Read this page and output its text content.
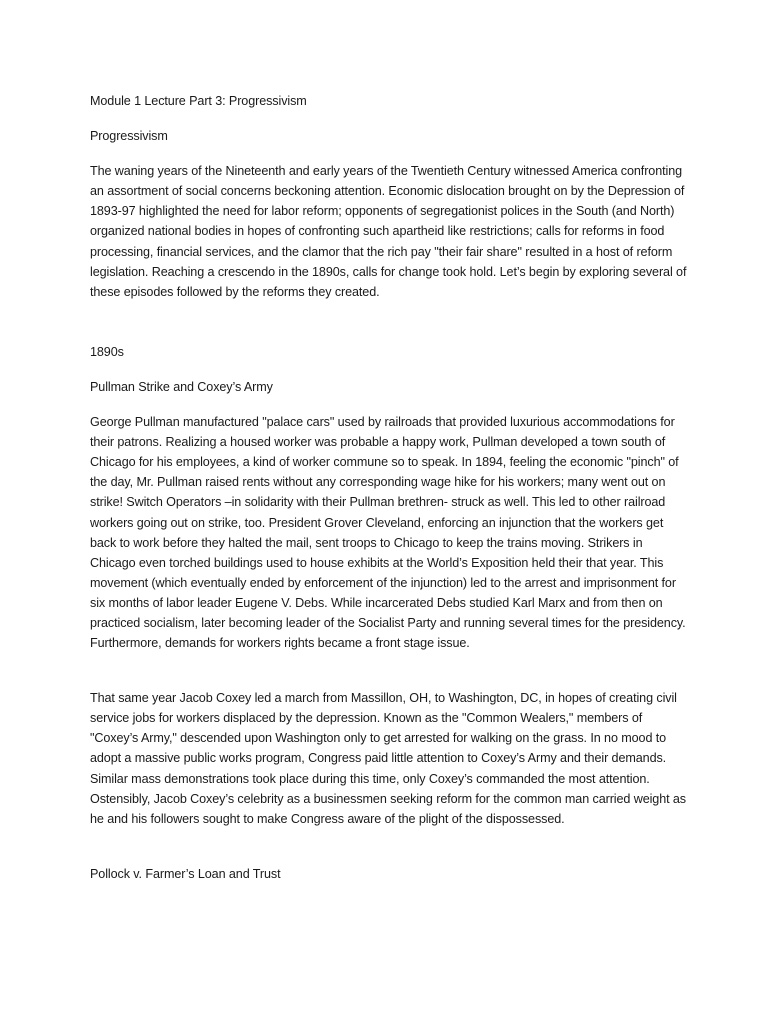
Module 1 Lecture Part 3: Progressivism

Progressivism

The waning years of the Nineteenth and early years of the Twentieth Century witnessed America confronting an assortment of social concerns beckoning attention. Economic dislocation brought on by the Depression of 1893-97 highlighted the need for labor reform; opponents of segregationist polices in the South (and North) organized national bodies in hopes of confronting such apartheid like restrictions; calls for reforms in food processing, financial services, and the clamor that the rich pay "their fair share" resulted in a host of reform legislation. Reaching a crescendo in the 1890s, calls for change took hold. Let’s begin by exploring several of these episodes followed by the reforms they created.

1890s

Pullman Strike and Coxey’s Army

George Pullman manufactured "palace cars" used by railroads that provided luxurious accommodations for their patrons. Realizing a housed worker was probable a happy work, Pullman developed a town south of Chicago for his employees, a kind of worker commune so to speak. In 1894, feeling the economic "pinch" of the day, Mr. Pullman raised rents without any corresponding wage hike for his workers; many went out on strike! Switch Operators –in solidarity with their Pullman brethren- struck as well. This led to other railroad workers going out on strike, too. President Grover Cleveland, enforcing an injunction that the workers get back to work before they halted the mail, sent troops to Chicago to keep the trains moving. Strikers in Chicago even torched buildings used to house exhibits at the World’s Exposition held their that year. This movement (which eventually ended by enforcement of the injunction) led to the arrest and imprisonment for six months of labor leader Eugene V. Debs. While incarcerated Debs studied Karl Marx and from then on practiced socialism, later becoming leader of the Socialist Party and running several times for the presidency. Furthermore, demands for workers rights became a front stage issue.

That same year Jacob Coxey led a march from Massillon, OH, to Washington, DC, in hopes of creating civil service jobs for workers displaced by the depression. Known as the "Common Wealers," members of "Coxey’s Army," descended upon Washington only to get arrested for walking on the grass. In no mood to adopt a massive public works program, Congress paid little attention to Coxey’s Army and their demands. Similar mass demonstrations took place during this time, only Coxey’s commanded the most attention. Ostensibly, Jacob Coxey’s celebrity as a businessmen seeking reform for the common man carried weight as he and his followers sought to make Congress aware of the plight of the dispossessed.

Pollock v. Farmer’s Loan and Trust
